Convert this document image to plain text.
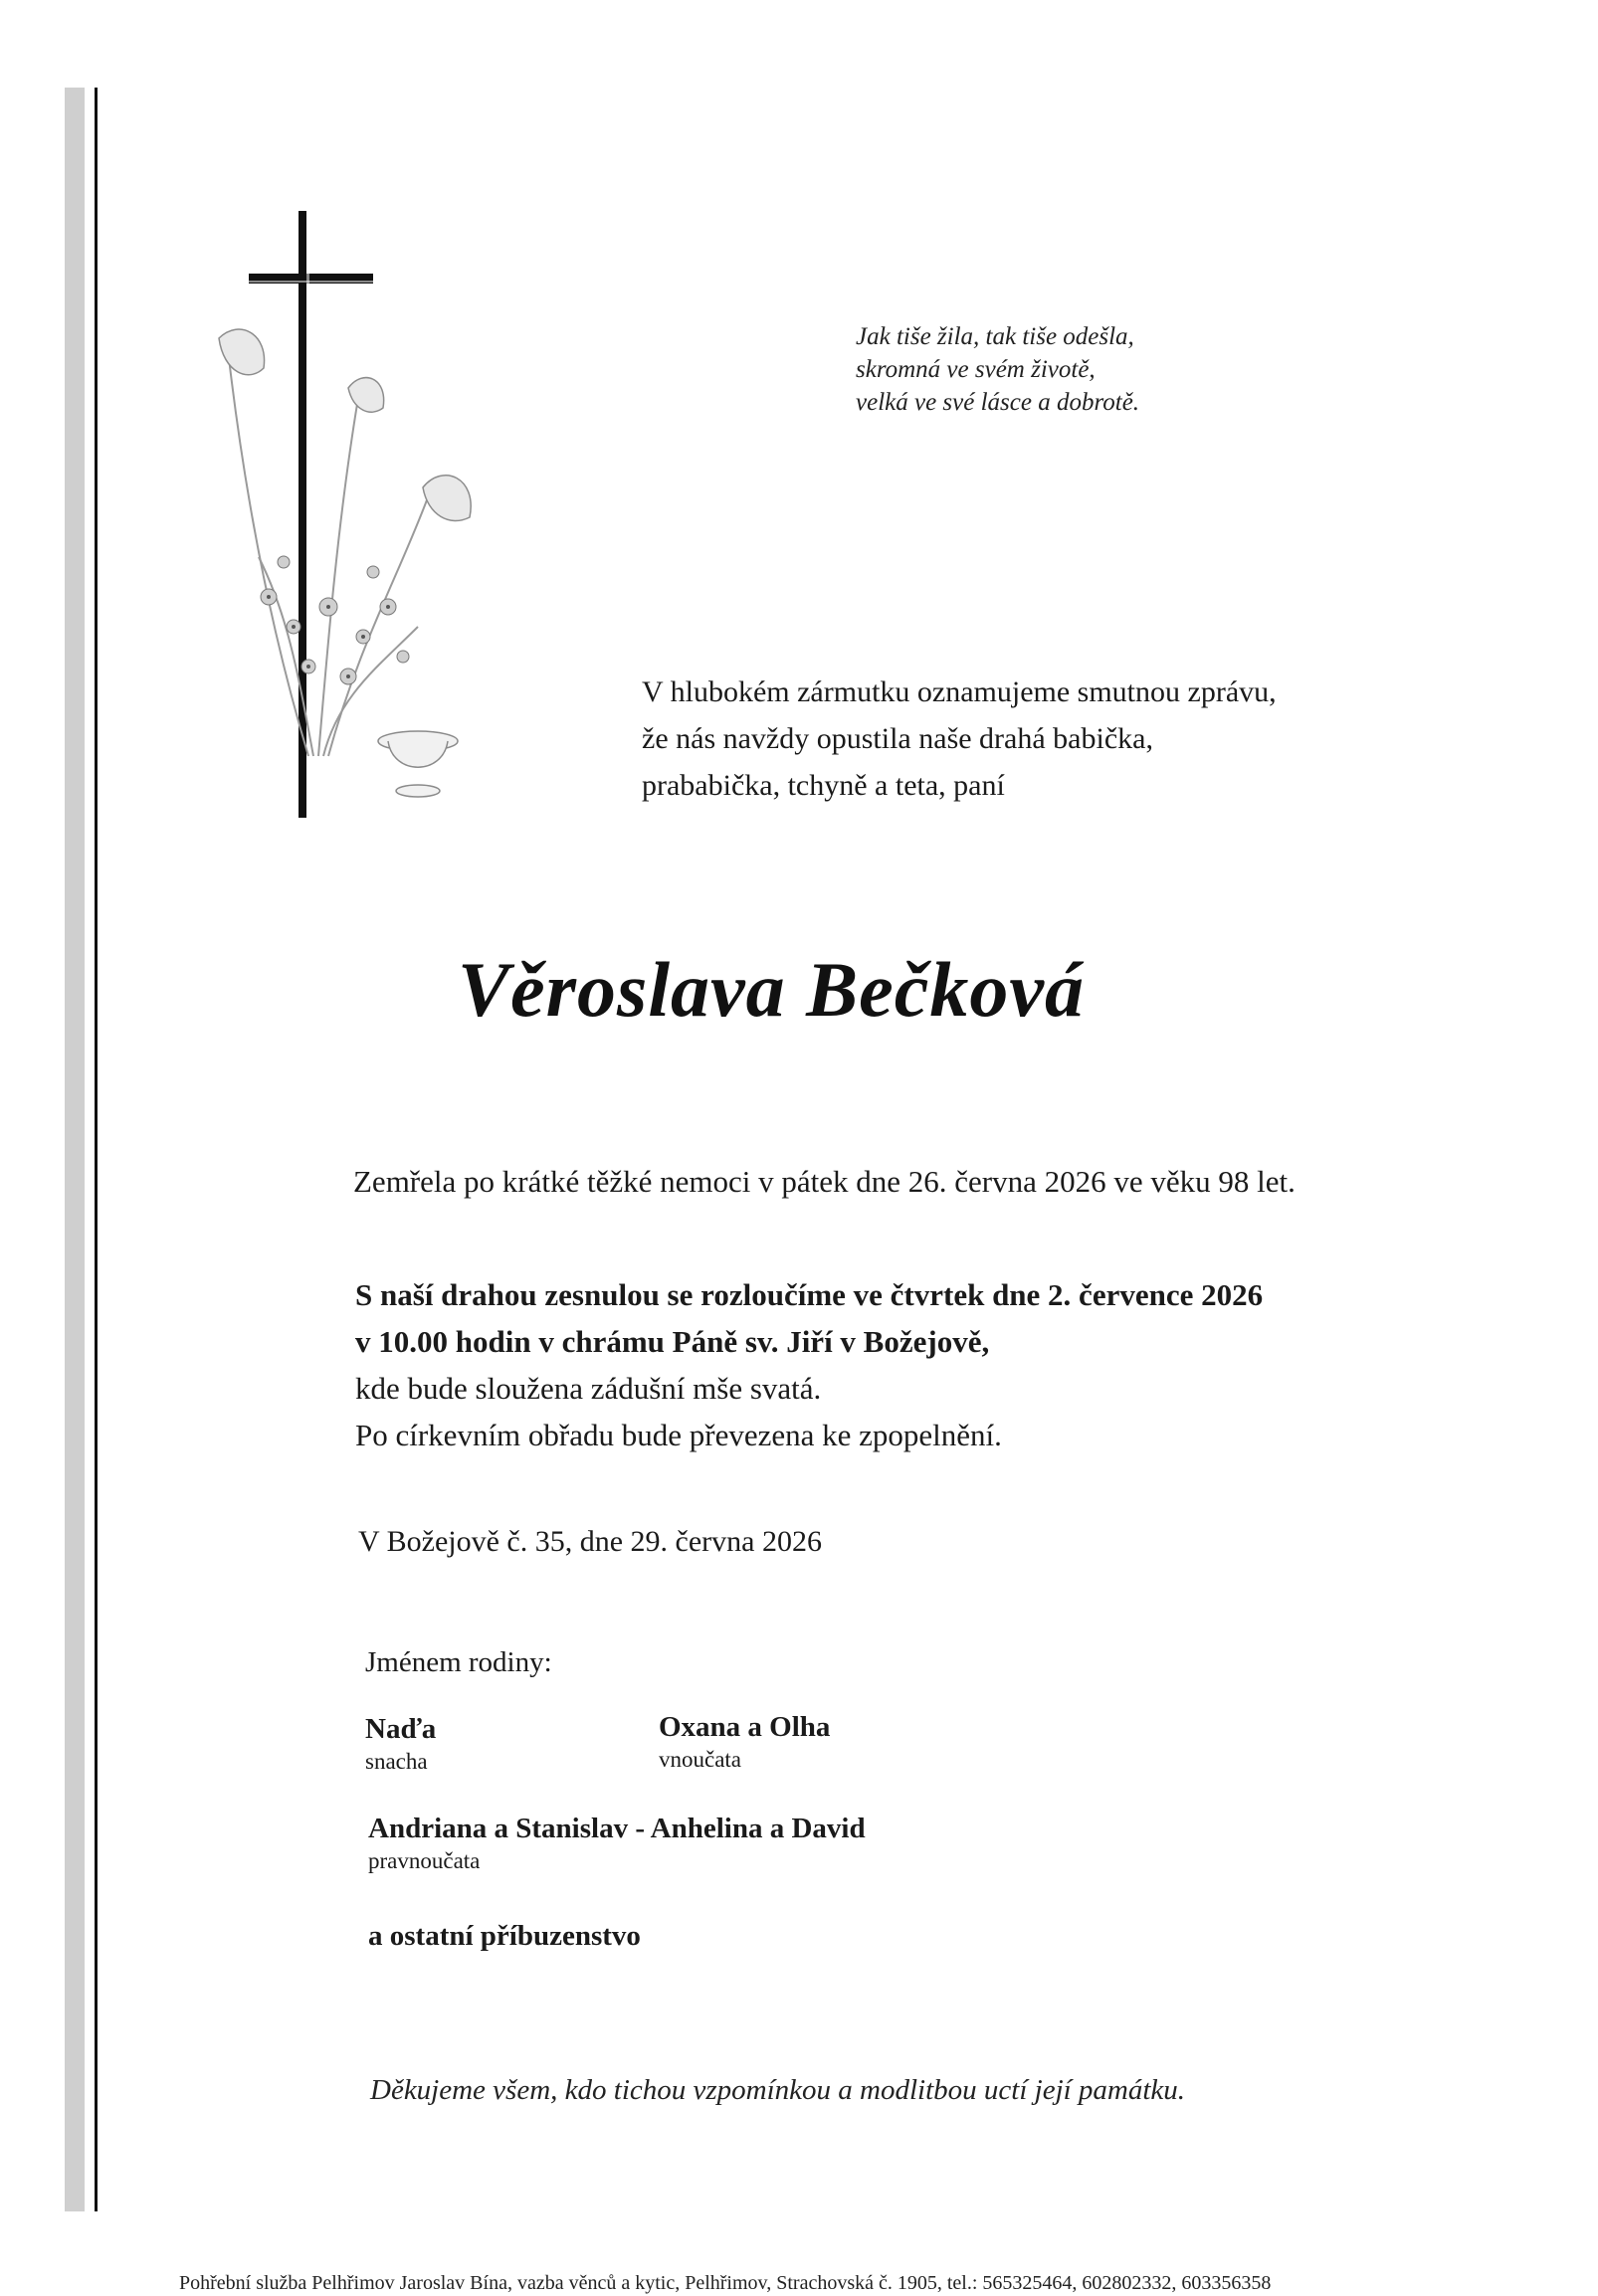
Jak tiše žila, tak tiše odešla,
skromná ve svém životě,
velká ve své lásce a dobrotě.
V hlubokém zármutku oznamujeme smutnou zprávu,
že nás navždy opustila naše drahá babička,
prababička, tchyně a teta, paní
Věroslava Bečková
Zemřela po krátké těžké nemoci v pátek dne 26. června 2026 ve věku 98 let.
S naší drahou zesnulou se rozloučíme ve čtvrtek dne 2. července 2026
v 10.00 hodin v chrámu Páně sv. Jiří v Božejově,
kde bude sloužena zádušní mše svatá.
Po církevním obřadu bude převezena ke zpopelnění.
V Božejově č. 35, dne 29. června 2026
Jménem rodiny:
Naďa
snacha
Oxana a Olha
vnoučata
Andriana a Stanislav - Anhelina a David
pravnoučata
a ostatní příbuzenstvo
Děkujeme všem, kdo tichou vzpomínkou a modlitbou uctí její památku.
Pohřební služba Pelhřimov Jaroslav Bína, vazba věnců a kytic, Pelhřimov, Strachovská č. 1905, tel.: 565325464, 602802332, 603356358
